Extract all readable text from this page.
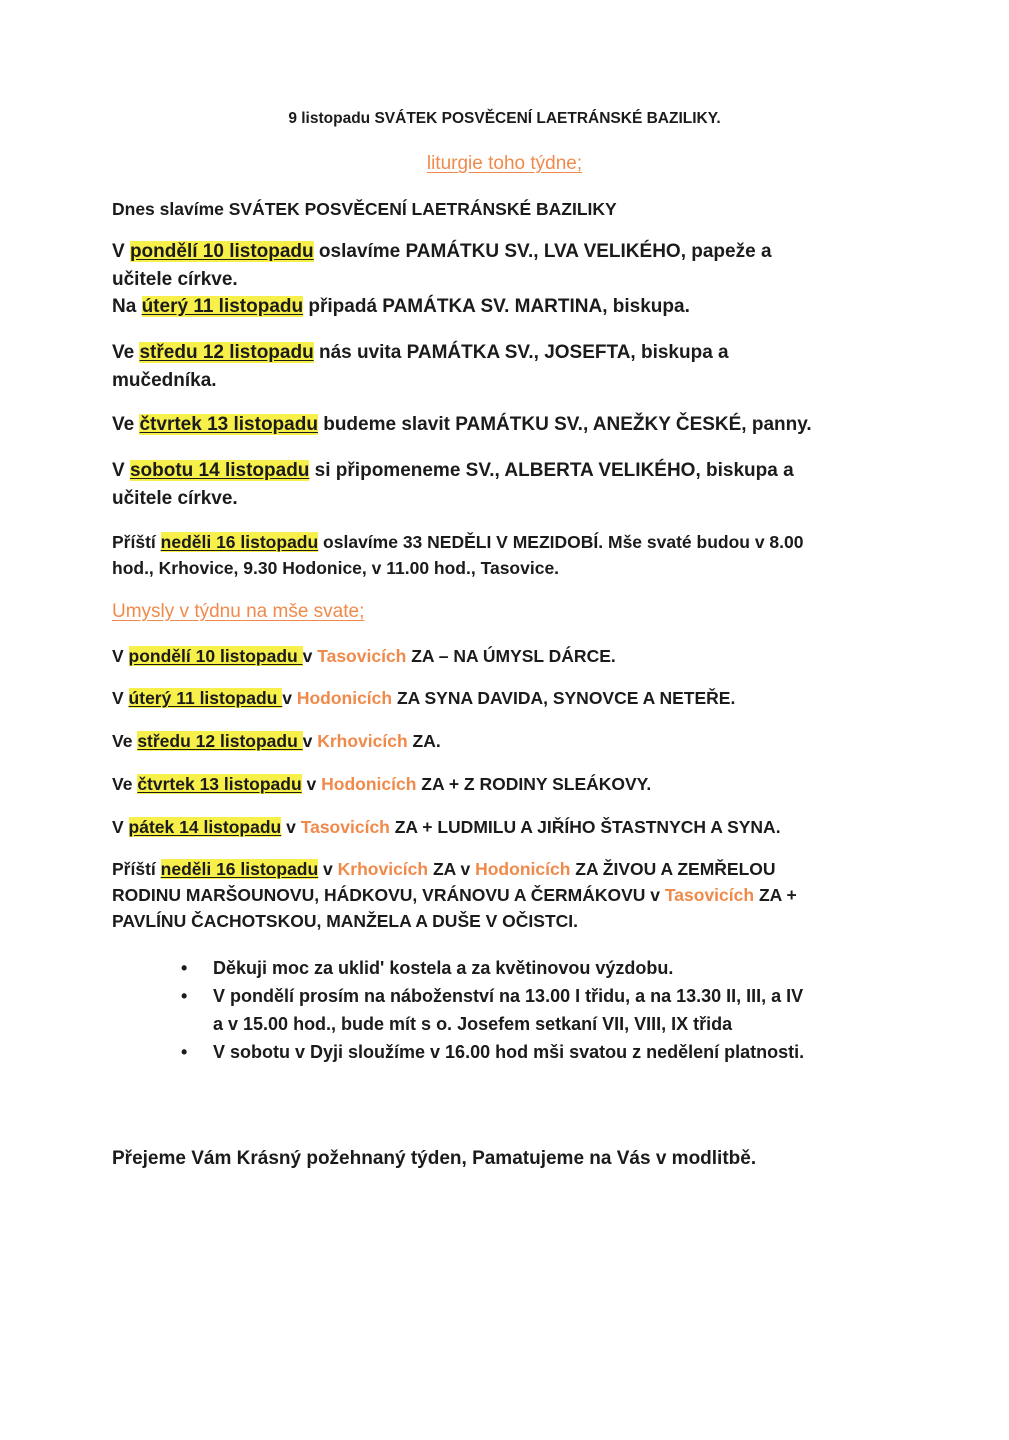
9 listopadu SVÁTEK POSVĚCENÍ LAETRÁNSKÉ BAZILIKY.

liturgie toho týdne;

Dnes slavíme SVÁTEK POSVĚCENÍ LAETRÁNSKÉ BAZILIKY

V pondělí 10 listopadu oslavíme PAMÁTKU SV., LVA VELIKÉHO, papeže a

učitele církve.

Na úterý 11 listopadu připadá PAMÁTKA SV. MARTINA, biskupa.

Ve středu 12 listopadu nás uvita PAMÁTKA SV., JOSEFTA, biskupa a

mučedníka.

Ve čtvrtek 13 listopadu budeme slavit PAMÁTKU SV., ANEŽKY ČESKÉ, panny.

V sobotu 14 listopadu si připomeneme SV., ALBERTA VELIKÉHO, biskupa a

učitele církve.

Příští neděli 16 listopadu oslavíme 33 NEDĚLI V MEZIDOBÍ. Mše svaté budou v 8.00

hod., Krhovice, 9.30 Hodonice, v 11.00 hod., Tasovice.

Umysly v týdnu na mše svate;

V pondělí 10 listopadu v Tasovicích ZA – NA ÚMYSL DÁRCE.

V úterý 11 listopadu v Hodonicích ZA SYNA DAVIDA, SYNOVCE A NETEŘE.

Ve středu 12 listopadu v Krhovicích ZA.

Ve čtvrtek 13 listopadu v Hodonicích ZA + Z RODINY SLEÁKOVY.

V pátek 14 listopadu v Tasovicích ZA + LUDMILU A JIŘÍHO ŠTASTNYCH A SYNA.

Příští neděli 16 listopadu v Krhovicích ZA v Hodonicích ZA ŽIVOU A ZEMŘELOU

RODINU MARŠOUNOVU, HÁDKOVU, VRÁNOVU A ČERMÁKOVU v Tasovicích ZA +

PAVLÍNU ČACHOTSKOU, MANŽELA A DUŠE V OČISTCI.

• Děkuji moc za uklid' kostela a za květinovou výzdobu.
• V pondělí prosím na náboženství na 13.00 I třidu, a na 13.30 II, III, a IV
a v 15.00 hod., bude mít s o. Josefem setkaní VII, VIII, IX třida
• V sobotu v Dyji sloužíme v 16.00 hod mši svatou z nedělení platnosti.

Přejeme Vám Krásný požehnaný týden, Pamatujeme na Vás v modlitbě.
